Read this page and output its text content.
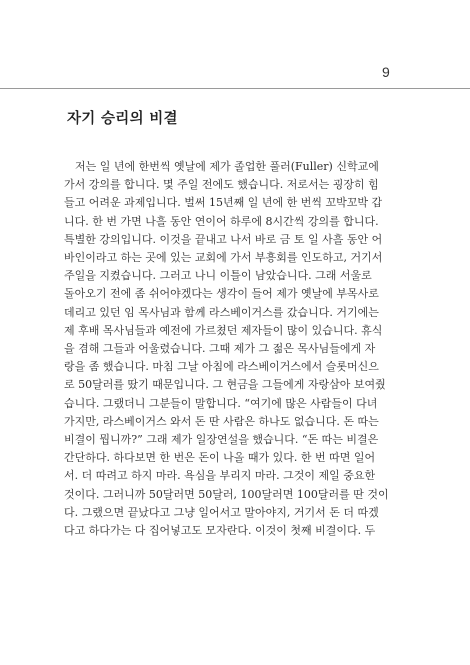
9
자기 승리의 비결
　저는 일 년에 한번씩 옛날에 제가 졸업한 풀러(Fuller) 신학교에
가서 강의를 합니다. 몇 주일 전에도 했습니다. 저로서는 굉장히 힘
들고 어려운 과제입니다. 벌써 15년째 일 년에 한 번씩 꼬박꼬박 갑
니다. 한 번 가면 나흘 동안 연이어 하루에 8시간씩 강의를 합니다.
특별한 강의입니다. 이것을 끝내고 나서 바로 금 토 일 사흘 동안 어
바인이라고 하는 곳에 있는 교회에 가서 부흥회를 인도하고, 거기서
주일을 지켰습니다. 그러고 나니 이틀이 남았습니다. 그래 서울로
돌아오기 전에 좀 쉬어야겠다는 생각이 들어 제가 옛날에 부목사로
데리고 있던 임 목사님과 함께 라스베이거스를 갔습니다. 거기에는
제 후배 목사님들과 예전에 가르쳤던 제자들이 많이 있습니다. 휴식
을 겸해 그들과 어울렸습니다. 그때 제가 그 젊은 목사님들에게 자
랑을 좀 했습니다. 마침 그날 아침에 라스베이거스에서 슬롯머신으
로 50달러를 땄기 때문입니다. 그 현금을 그들에게 자랑삼아 보여줬
습니다. 그랬더니 그분들이 말합니다. “여기에 많은 사람들이 다녀
가지만, 라스베이거스 와서 돈 딴 사람은 하나도 없습니다. 돈 따는
비결이 뭡니까?” 그래 제가 일장연설을 했습니다. “돈 따는 비결은
간단하다. 하다보면 한 번은 돈이 나올 때가 있다. 한 번 따면 일어
서. 더 따려고 하지 마라. 욕심을 부리지 마라. 그것이 제일 중요한
것이다. 그러니까 50달러면 50달러, 100달러면 100달러를 딴 것이
다. 그랬으면 끝났다고 그냥 일어서고 말아야지, 거기서 돈 더 따겠
다고 하다가는 다 집어넣고도 모자란다. 이것이 첫째 비결이다. 두
